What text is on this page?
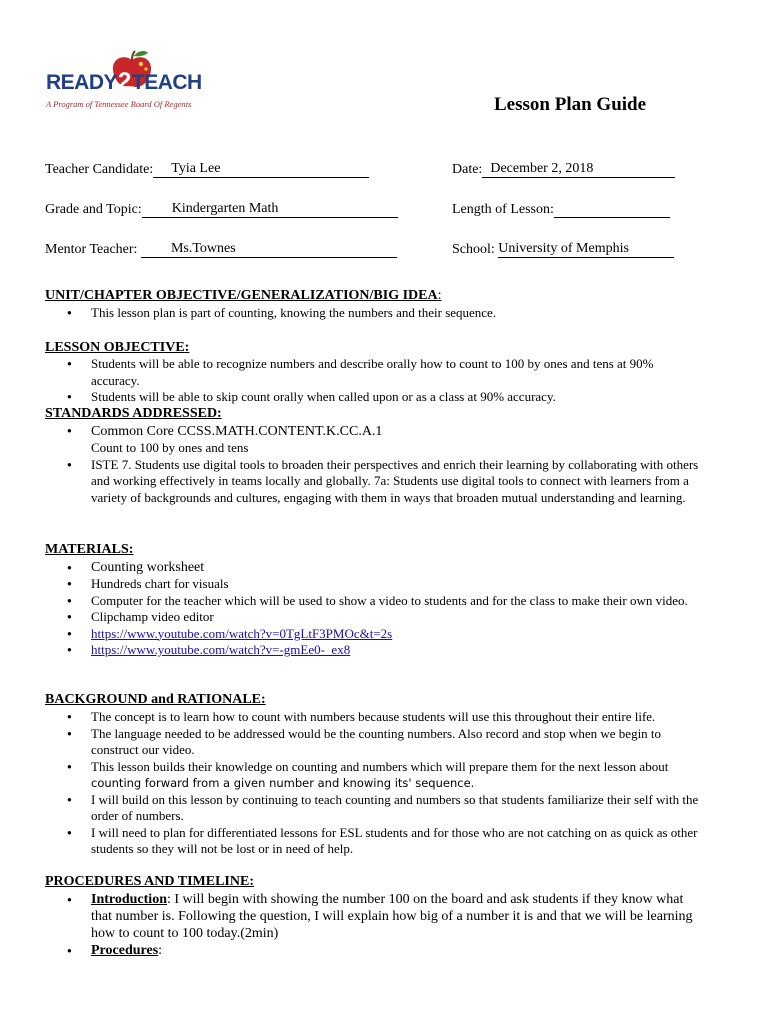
READY2TEACH
A Program of Tennessee Board Of Regents	Lesson Plan Guide
Teacher Candidate: Tyia Lee	Date: December 2, 2018
Grade and Topic: Kindergarten Math	Length of Lesson:
Mentor Teacher: Ms.Townes	School: University of Memphis
UNIT/CHAPTER OBJECTIVE/GENERALIZATION/BIG IDEA:
● This lesson plan is part of counting, knowing the numbers and their sequence.
LESSON OBJECTIVE:
● Students will be able to recognize numbers and describe orally how to count to 100 by ones and tens at 90% accuracy.
● Students will be able to skip count orally when called upon or as a class at 90% accuracy.
STANDARDS ADDRESSED:
● Common Core CCSS.MATH.CONTENT.K.CC.A.1
Count to 100 by ones and tens
● ISTE 7. Students use digital tools to broaden their perspectives and enrich their learning by collaborating with others and working effectively in teams locally and globally. 7a: Students use digital tools to connect with learners from a variety of backgrounds and cultures, engaging with them in ways that broaden mutual understanding and learning.
MATERIALS:
● Counting worksheet
● Hundreds chart for visuals
● Computer for the teacher which will be used to show a video to students and for the class to make their own video.
● Clipchamp video editor
● https://www.youtube.com/watch?v=0TgLtF3PMOc&t=2s
● https://www.youtube.com/watch?v=-gmEe0-_ex8
BACKGROUND and RATIONALE:
● The concept is to learn how to count with numbers because students will use this throughout their entire life.
● The language needed to be addressed would be the counting numbers. Also record and stop when we begin to construct our video.
● This lesson builds their knowledge on counting and numbers which will prepare them for the next lesson about
counting forward from a given number and knowing its' sequence.
● I will build on this lesson by continuing to teach counting and numbers so that students familiarize their self with the order of numbers.
● I will need to plan for differentiated lessons for ESL students and for those who are not catching on as quick as other students so they will not be lost or in need of help.
PROCEDURES AND TIMELINE:
● Introduction: I will begin with showing the number 100 on the board and ask students if they know what that number is. Following the question, I will explain how big of a number it is and that we will be learning how to count to 100 today.(2min)
● Procedures:
